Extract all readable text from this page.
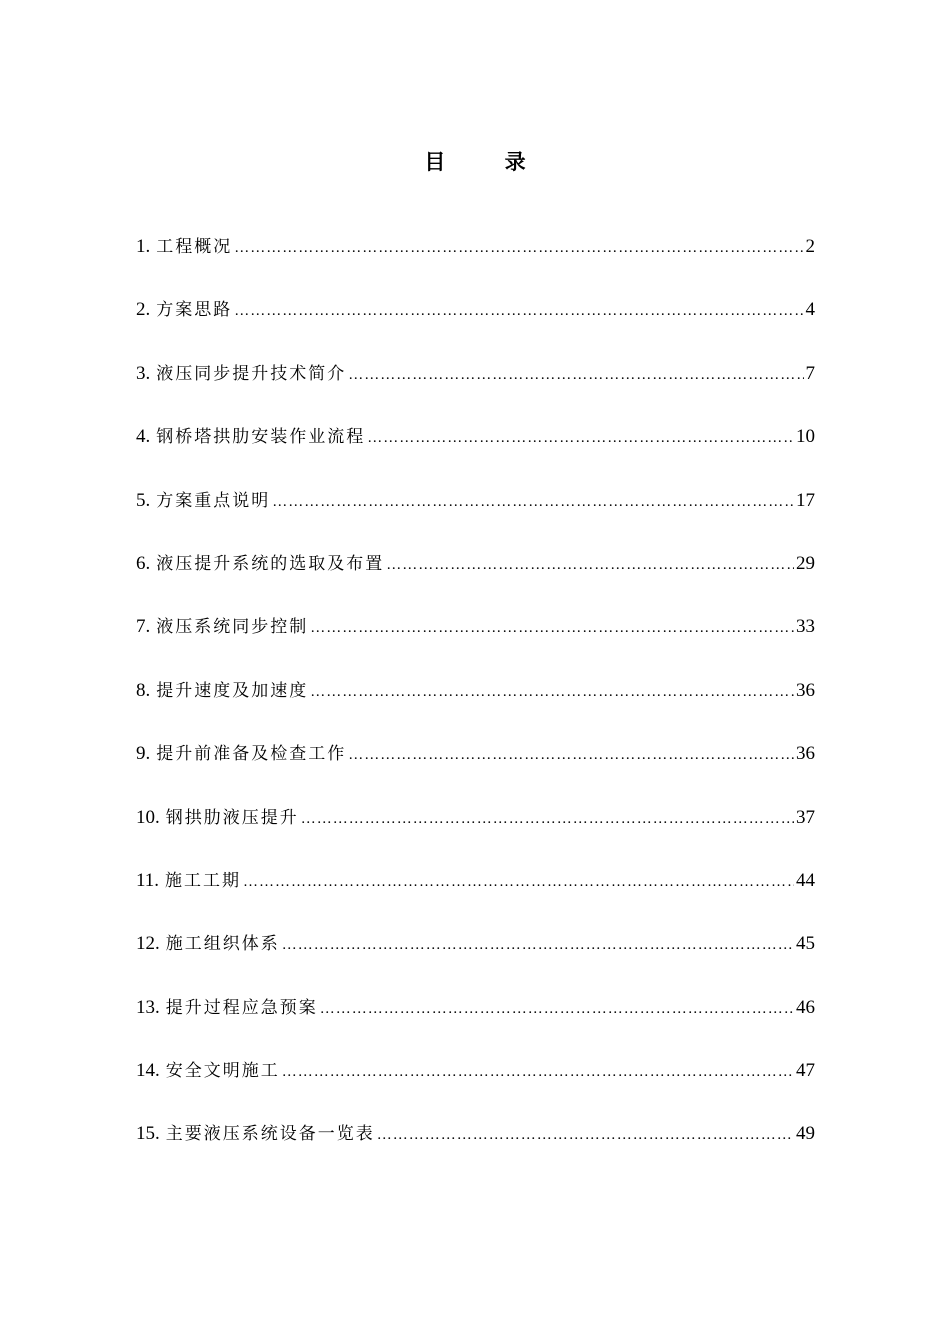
目 录
1. 工程概况 …………………………………………………………………………………………………………………………………………	2
2. 方案思路 …………………………………………………………………………………………………………………………………………	4
3. 液压同步提升技术简介 …………………………………………………………………………………………………………………………………………	7
4. 钢桥塔拱肋安装作业流程 …………………………………………………………………………………………………………………………………………	10
5. 方案重点说明 …………………………………………………………………………………………………………………………………………	17
6. 液压提升系统的选取及布置 …………………………………………………………………………………………………………………………………………	29
7. 液压系统同步控制 …………………………………………………………………………………………………………………………………………	33
8. 提升速度及加速度 …………………………………………………………………………………………………………………………………………	36
9. 提升前准备及检查工作 …………………………………………………………………………………………………………………………………………	36
10. 钢拱肋液压提升 …………………………………………………………………………………………………………………………………………	37
11. 施工工期 …………………………………………………………………………………………………………………………………………	44
12. 施工组织体系 …………………………………………………………………………………………………………………………………………	45
13. 提升过程应急预案 …………………………………………………………………………………………………………………………………………	46
14. 安全文明施工 …………………………………………………………………………………………………………………………………………	47
15. 主要液压系统设备一览表 …………………………………………………………………………………………………………………………………………	49
